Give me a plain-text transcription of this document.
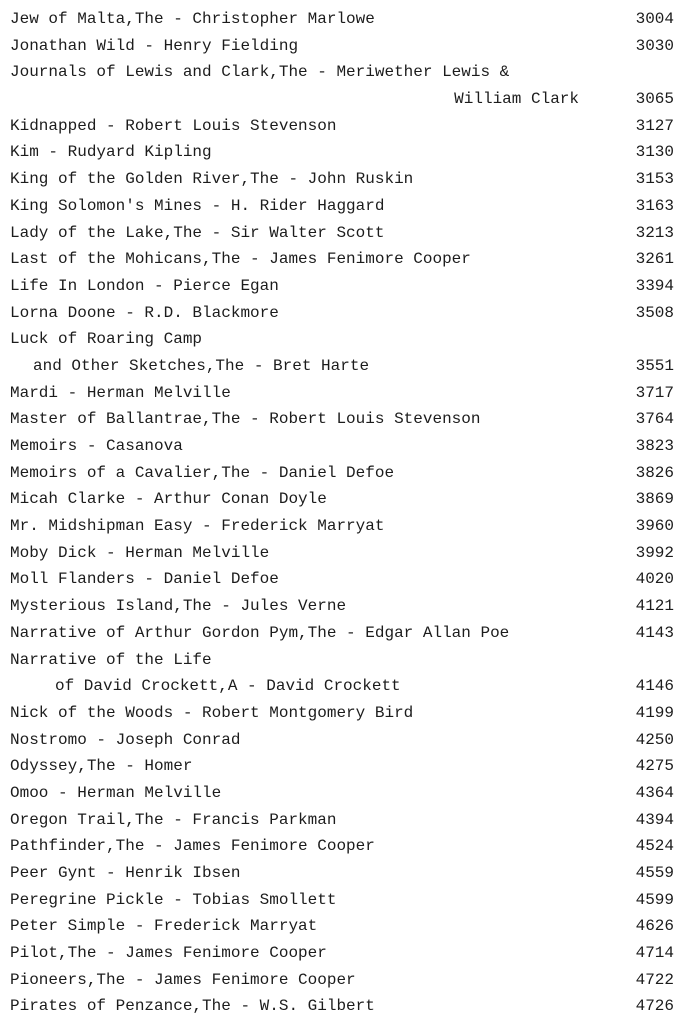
Jew of Malta,The - Christopher Marlowe	3004
Jonathan Wild - Henry Fielding	3030
Journals of Lewis and Clark,The - Meriwether Lewis &
William Clark	3065
Kidnapped - Robert Louis Stevenson	3127
Kim - Rudyard Kipling	3130
King of the Golden River,The - John Ruskin	3153
King Solomon's Mines - H. Rider Haggard	3163
Lady of the Lake,The - Sir Walter Scott	3213
Last of the Mohicans,The - James Fenimore Cooper	3261
Life In London - Pierce Egan	3394
Lorna Doone - R.D. Blackmore	3508
Luck of Roaring Camp
and Other Sketches,The - Bret Harte	3551
Mardi - Herman Melville	3717
Master of Ballantrae,The - Robert Louis Stevenson	3764
Memoirs - Casanova	3823
Memoirs of a Cavalier,The - Daniel Defoe	3826
Micah Clarke - Arthur Conan Doyle	3869
Mr. Midshipman Easy - Frederick Marryat	3960
Moby Dick - Herman Melville	3992
Moll Flanders - Daniel Defoe	4020
Mysterious Island,The - Jules Verne	4121
Narrative of Arthur Gordon Pym,The - Edgar Allan Poe	4143
Narrative of the Life
of David Crockett,A - David Crockett	4146
Nick of the Woods - Robert Montgomery Bird	4199
Nostromo - Joseph Conrad	4250
Odyssey,The - Homer	4275
Omoo - Herman Melville	4364
Oregon Trail,The - Francis Parkman	4394
Pathfinder,The - James Fenimore Cooper	4524
Peer Gynt - Henrik Ibsen	4559
Peregrine Pickle - Tobias Smollett	4599
Peter Simple - Frederick Marryat	4626
Pilot,The - James Fenimore Cooper	4714
Pioneers,The - James Fenimore Cooper	4722
Pirates of Penzance,The - W.S. Gilbert	4726
